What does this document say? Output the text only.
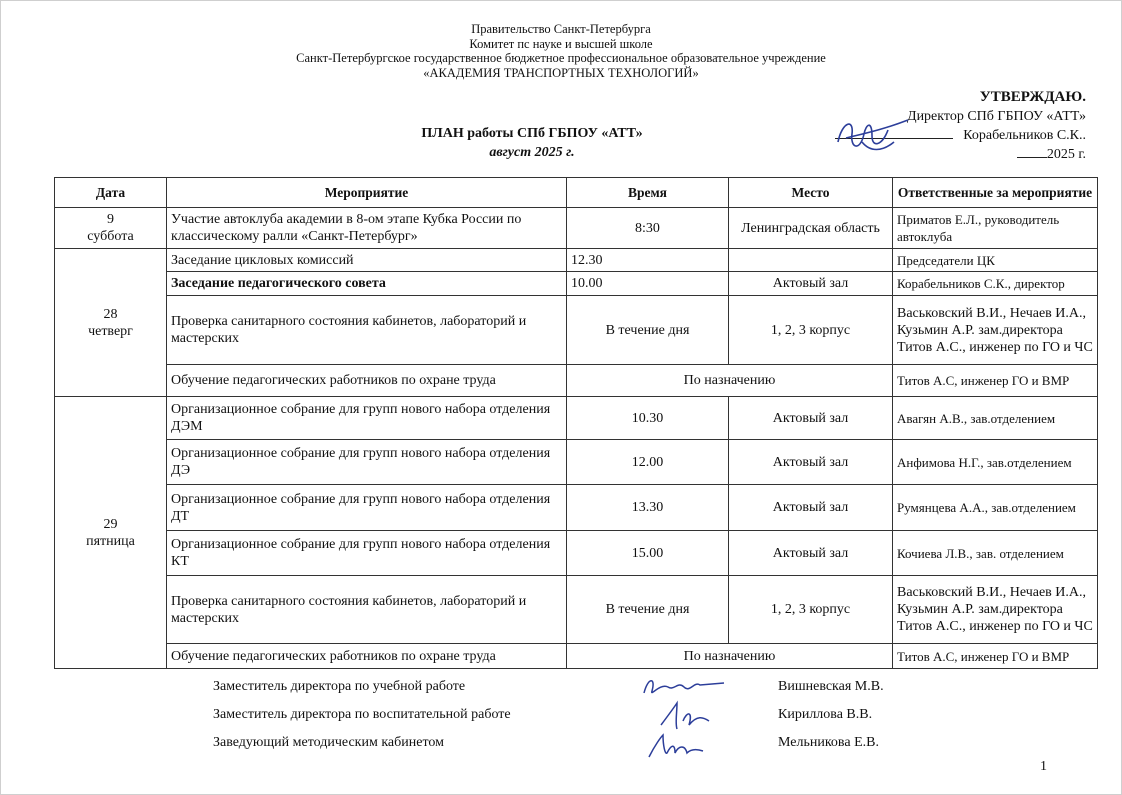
Правительство Санкт-Петербурга
Комитет пс науке и высшей школе
Санкт-Петербургское государственное бюджетное профессиональное образовательное учреждение
«АКАДЕМИЯ ТРАНСПОРТНЫХ ТЕХНОЛОГИЙ»
УТВЕРЖДАЮ.
Директор СПб ГБПОУ «АТТ»
Корабельников С.К..
2025 г.
ПЛАН работы СПб ГБПОУ «АТТ»
август 2025 г.
Дата	Мероприятие	Время	Место	Ответственные за мероприятие
9
суббота	Участие автоклуба академии в 8-ом этапе Кубка России по классическому ралли «Санкт-Петербург»	8:30	Ленинградская область	Приматов Е.Л., руководитель автоклуба
28
четверг	Заседание цикловых комиссий	12.30		Председатели ЦК
	Заседание педагогического совета	10.00	Актовый зал	Корабельников С.К., директор
	Проверка санитарного состояния кабинетов, лабораторий и мастерских	В течение дня	1, 2, 3 корпус	Васьковский В.И., Нечаев И.А., Кузьмин А.Р. зам.директора Титов А.С., инженер по ГО и ЧС
	Обучение педагогических работников по охране труда	По назначению		Титов А.С, инженер ГО и ВМР
29
пятница	Организационное собрание для групп нового набора отделения ДЭМ	10.30	Актовый зал	Авагян А.В., зав.отделением
	Организационное собрание для групп нового набора отделения ДЭ	12.00	Актовый зал	Анфимова Н.Г., зав.отделением
	Организационное собрание для групп нового набора отделения ДТ	13.30	Актовый зал	Румянцева А.А., зав.отделением
	Организационное собрание для групп нового набора отделения КТ	15.00	Актовый зал	Кочиева Л.В., зав. отделением
	Проверка санитарного состояния кабинетов, лабораторий и мастерских	В течение дня	1, 2, 3 корпус	Васьковский В.И., Нечаев И.А., Кузьмин А.Р. зам.директора Титов А.С., инженер по ГО и ЧС
	Обучение педагогических работников по охране труда	По назначению		Титов А.С, инженер ГО и ВМР
Заместитель директора по учебной работе	Вишневская М.В.
Заместитель директора по воспитательной работе	Кириллова В.В.
Заведующий методическим кабинетом	Мельникова Е.В.
1
